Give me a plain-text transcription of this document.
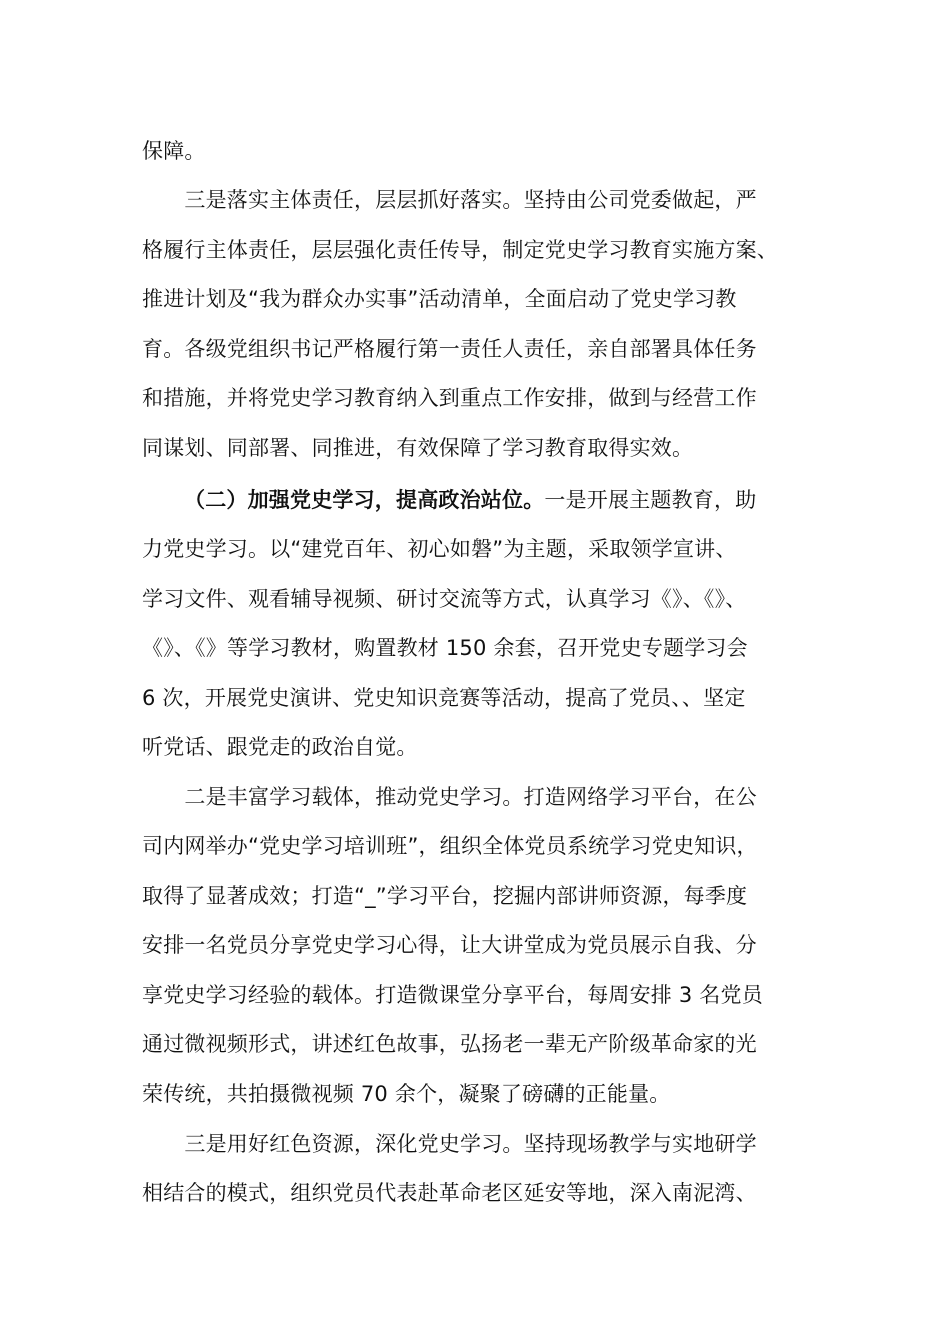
保障。
　　三是落实主体责任，层层抓好落实。坚持由公司党委做起，严
格履行主体责任，层层强化责任传导，制定党史学习教育实施方案、
推进计划及“我为群众办实事”活动清单，全面启动了党史学习教
育。各级党组织书记严格履行第一责任人责任，亲自部署具体任务
和措施，并将党史学习教育纳入到重点工作安排，做到与经营工作
同谋划、同部署、同推进，有效保障了学习教育取得实效。
（二）加强党史学习，提高政治站位。一是开展主题教育，助
力党史学习。以“建党百年、初心如磐”为主题，采取领学宣讲、
学习文件、观看辅导视频、研讨交流等方式，认真学习《》、《》、
《》、《》等学习教材，购置教材 150 余套，召开党史专题学习会
6 次，开展党史演讲、党史知识竞赛等活动，提高了党员、、坚定
听党话、跟党走的政治自觉。
　　二是丰富学习载体，推动党史学习。打造网络学习平台，在公
司内网举办“党史学习培训班”，组织全体党员系统学习党史知识，
取得了显著成效；打造“_”学习平台，挖掘内部讲师资源，每季度
安排一名党员分享党史学习心得，让大讲堂成为党员展示自我、分
享党史学习经验的载体。打造微课堂分享平台，每周安排 3 名党员
通过微视频形式，讲述红色故事，弘扬老一辈无产阶级革命家的光
荣传统，共拍摄微视频 70 余个，凝聚了磅礴的正能量。
　　三是用好红色资源，深化党史学习。坚持现场教学与实地研学
相结合的模式，组织党员代表赴革命老区延安等地，深入南泥湾、
